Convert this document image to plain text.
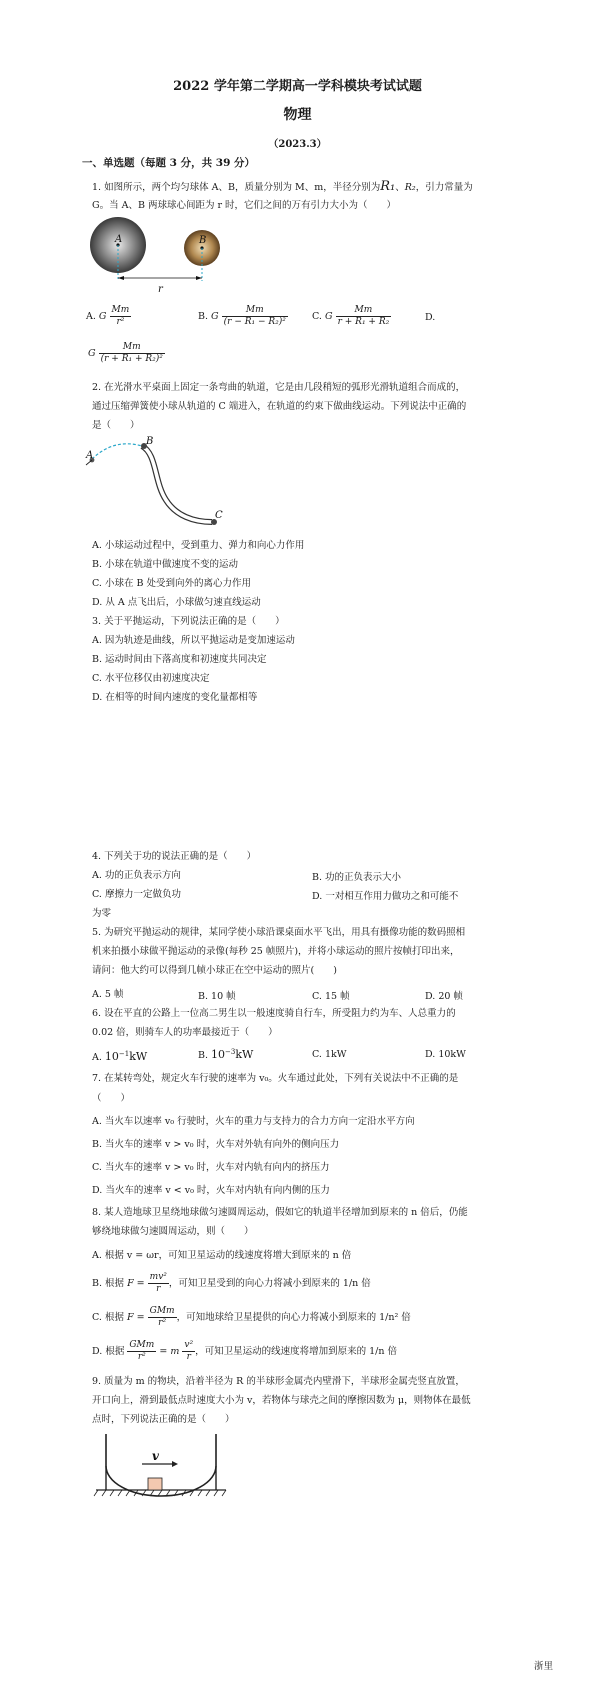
2022 学年第二学期高一学科模块考试试题
物理
（2023.3）
一、单选题（每题 3 分，共 39 分）
1. 如图所示，两个均匀球体 A、B，质量分别为 M、m，半径分别为R₁、R₂，引力常量为
G。当 A、B 两球球心间距为 r 时，它们之间的万有引力大小为（　　）
A	B
r
A. G $\frac{Mm}{\text{r²}}$	B. G $\frac{Mm}{\text{(r − R₁ − R₂)²}}$	C. G $\frac{Mm}{\text{r + R₁ + R₂}}$	D.
G $\frac{Mm}{\text{(r + R₁ + R₂)²}}$
2. 在光滑水平桌面上固定一条弯曲的轨道，它是由几段稍短的弧形光滑轨道组合而成的，
通过压缩弹簧使小球从轨道的 C 端进入，在轨道的约束下做曲线运动。下列说法中正确的
是（　　）
A
B
C
A. 小球运动过程中，受到重力、弹力和向心力作用
B. 小球在轨道中做速度不变的运动
C. 小球在 B 处受到向外的离心力作用
D. 从 A 点飞出后，小球做匀速直线运动
3. 关于平抛运动，下列说法正确的是（　　）
A. 因为轨迹是曲线，所以平抛运动是变加速运动
B. 运动时间由下落高度和初速度共同决定
C. 水平位移仅由初速度决定
D. 在相等的时间内速度的变化量都相等
4. 下列关于功的说法正确的是（　　）
A. 功的正负表示方向	B. 功的正负表示大小
C. 摩擦力一定做负功	D. 一对相互作用力做功之和可能不
为零
5. 为研究平抛运动的规律，某同学使小球沿课桌面水平飞出，用具有摄像功能的数码照相
机来拍摄小球做平抛运动的录像(每秒 25 帧照片)，并将小球运动的照片按帧打印出来，
请问：他大约可以得到几帧小球正在空中运动的照片(　　)
A. 5 帧	B. 10 帧	C. 15 帧	D. 20 帧
6. 设在平直的公路上一位高二男生以一般速度骑自行车，所受阻力约为车、人总重力的
0.02 倍，则骑车人的功率最接近于（　　）
A. $10^{-1}kW$	B. $10^{-3}kW$	C. 1kW	D. 10kW
7. 在某转弯处，规定火车行驶的速率为 v₀。火车通过此处，下列有关说法中不正确的是
（　　）
A. 当火车以速率 v₀ 行驶时，火车的重力与支持力的合力方向一定沿水平方向
B. 当火车的速率 v > v₀ 时，火车对外轨有向外的侧向压力
C. 当火车的速率 v > v₀ 时，火车对内轨有向内的挤压力
D. 当火车的速率 v < v₀ 时，火车对内轨有向内侧的压力
8. 某人造地球卫星绕地球做匀速圆周运动，假如它的轨道半径增加到原来的 n 倍后，仍能
够绕地球做匀速圆周运动，则（　　）
A. 根据 v = ωr，可知卫星运动的线速度将增大到原来的 n 倍
B. 根据 $F = \frac{\text{mv²}}{r}$ ，可知卫星受到的向心力将减小到原来的 1/n 倍
C. 根据 $F = \frac{\text{GMm}}{\text{r²}}$ ，可知地球给卫星提供的向心力将减小到原来的 1/n² 倍
D. 根据 $\frac{\text{GMm}}{\text{r²}} = m \frac{\text{v²}}{r}$ ，可知卫星运动的线速度将增加到原来的 1/n 倍
9. 质量为 m 的物块，沿着半径为 R 的半球形金属壳内壁滑下，半球形金属壳竖直放置，
开口向上，滑到最低点时速度大小为 v，若物体与球壳之间的摩擦因数为 μ，则物体在最低
点时，下列说法正确的是（　　）
v
浙里
